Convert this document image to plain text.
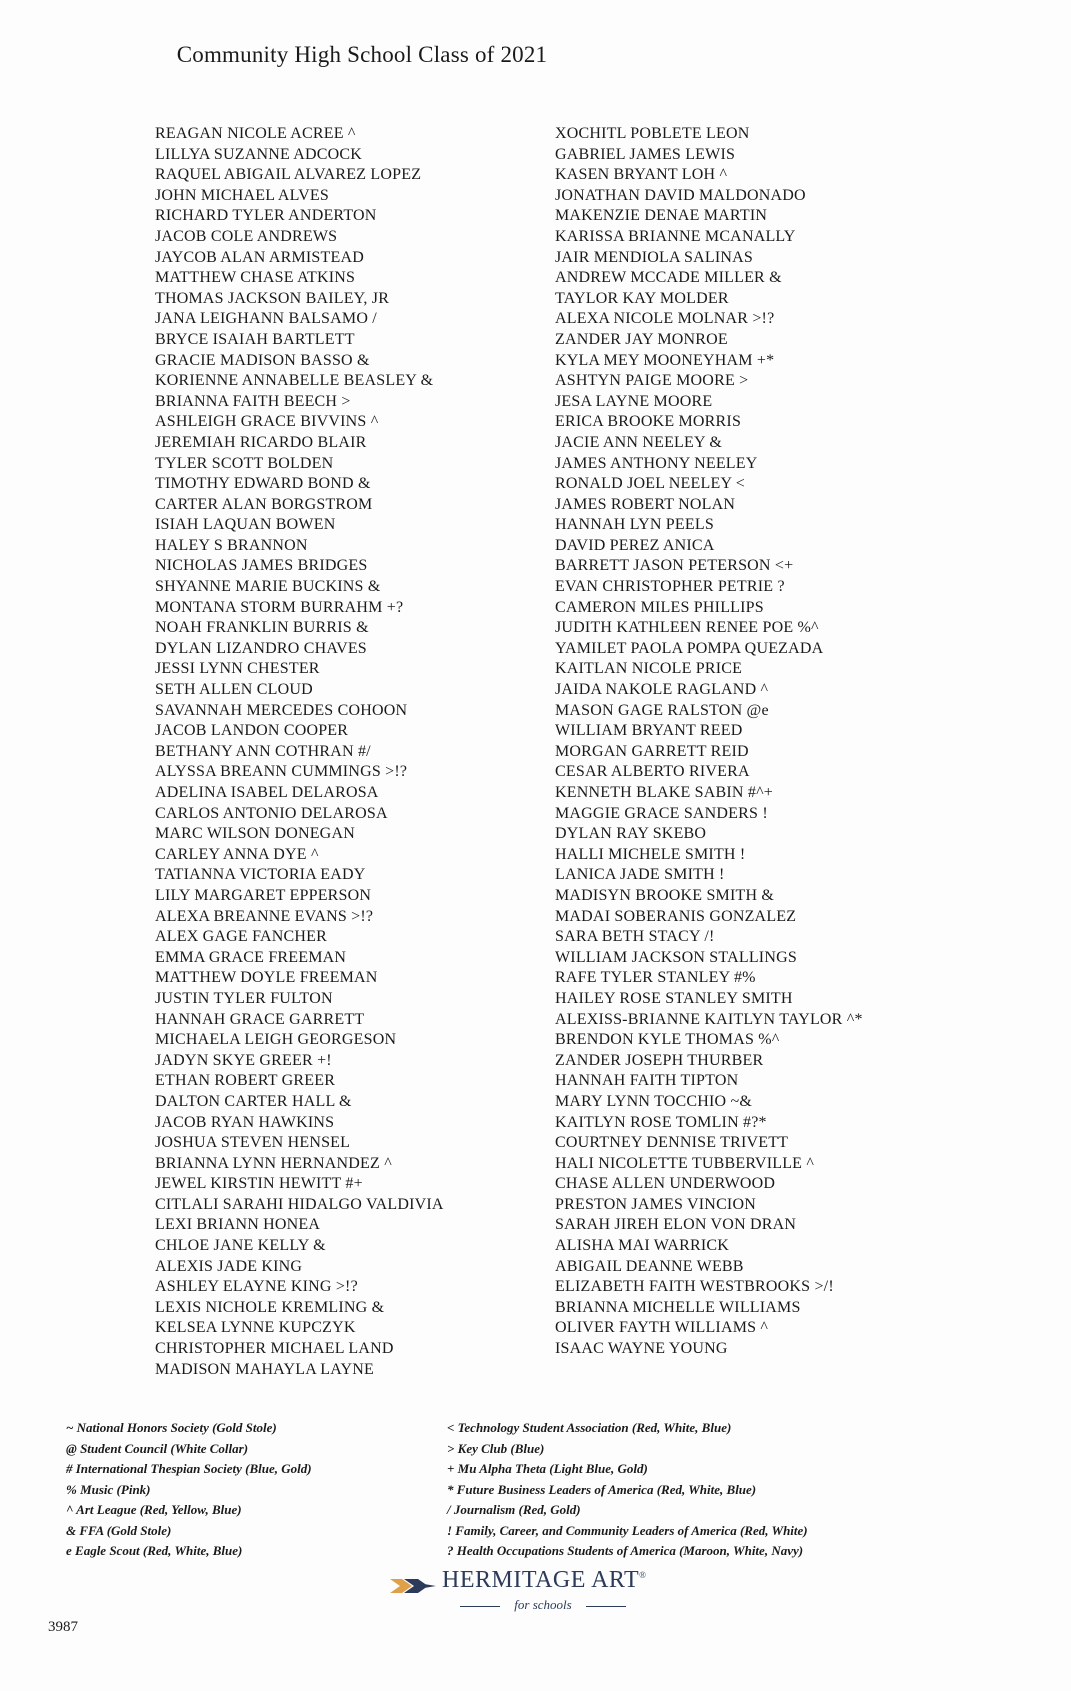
Community High School Class of 2021
REAGAN NICOLE ACREE ^
LILLYA SUZANNE ADCOCK
RAQUEL ABIGAIL ALVAREZ LOPEZ
JOHN MICHAEL ALVES
RICHARD TYLER ANDERTON
JACOB COLE ANDREWS
JAYCOB ALAN ARMISTEAD
MATTHEW CHASE ATKINS
THOMAS JACKSON BAILEY, JR
JANA LEIGHANN BALSAMO /
BRYCE ISAIAH BARTLETT
GRACIE MADISON BASSO &
KORIENNE ANNABELLE BEASLEY &
BRIANNA FAITH BEECH >
ASHLEIGH GRACE BIVVINS ^
JEREMIAH RICARDO BLAIR
TYLER SCOTT BOLDEN
TIMOTHY EDWARD BOND &
CARTER ALAN BORGSTROM
ISIAH LAQUAN BOWEN
HALEY S BRANNON
NICHOLAS JAMES BRIDGES
SHYANNE MARIE BUCKINS &
MONTANA STORM BURRAHM +?
NOAH FRANKLIN BURRIS &
DYLAN LIZANDRO CHAVES
JESSI LYNN CHESTER
SETH ALLEN CLOUD
SAVANNAH MERCEDES COHOON
JACOB LANDON COOPER
BETHANY ANN COTHRAN #/
ALYSSA BREANN CUMMINGS >!?
ADELINA ISABEL DELAROSA
CARLOS ANTONIO DELAROSA
MARC WILSON DONEGAN
CARLEY ANNA DYE ^
TATIANNA VICTORIA EADY
LILY MARGARET EPPERSON
ALEXA BREANNE EVANS >!?
ALEX GAGE FANCHER
EMMA GRACE FREEMAN
MATTHEW DOYLE FREEMAN
JUSTIN TYLER FULTON
HANNAH GRACE GARRETT
MICHAELA LEIGH GEORGESON
JADYN SKYE GREER +!
ETHAN ROBERT GREER
DALTON CARTER HALL &
JACOB RYAN HAWKINS
JOSHUA STEVEN HENSEL
BRIANNA LYNN HERNANDEZ ^
JEWEL KIRSTIN HEWITT #+
CITLALI SARAHI HIDALGO VALDIVIA
LEXI BRIANN HONEA
CHLOE JANE KELLY &
ALEXIS JADE KING
ASHLEY ELAYNE KING >!?
LEXIS NICHOLE KREMLING &
KELSEA LYNNE KUPCZYK
CHRISTOPHER MICHAEL LAND
MADISON MAHAYLA LAYNE
XOCHITL POBLETE LEON
GABRIEL JAMES LEWIS
KASEN BRYANT LOH ^
JONATHAN DAVID MALDONADO
MAKENZIE DENAE MARTIN
KARISSA BRIANNE MCANALLY
JAIR MENDIOLA SALINAS
ANDREW MCCADE MILLER &
TAYLOR KAY MOLDER
ALEXA NICOLE MOLNAR >!?
ZANDER JAY MONROE
KYLA MEY MOONEYHAM +*
ASHTYN PAIGE MOORE >
JESA LAYNE MOORE
ERICA BROOKE MORRIS
JACIE ANN NEELEY &
JAMES ANTHONY NEELEY
RONALD JOEL NEELEY <
JAMES ROBERT NOLAN
HANNAH LYN PEELS
DAVID PEREZ ANICA
BARRETT JASON PETERSON <+
EVAN CHRISTOPHER PETRIE ?
CAMERON MILES PHILLIPS
JUDITH KATHLEEN RENEE POE %^
YAMILET PAOLA POMPA QUEZADA
KAITLAN NICOLE PRICE
JAIDA NAKOLE RAGLAND ^
MASON GAGE RALSTON @e
WILLIAM BRYANT REED
MORGAN GARRETT REID
CESAR ALBERTO RIVERA
KENNETH BLAKE SABIN #^+
MAGGIE GRACE SANDERS !
DYLAN RAY SKEBO
HALLI MICHELE SMITH !
LANICA JADE SMITH !
MADISYN BROOKE SMITH &
MADAI SOBERANIS GONZALEZ
SARA BETH STACY /!
WILLIAM JACKSON STALLINGS
RAFE TYLER STANLEY #%
HAILEY ROSE STANLEY SMITH
ALEXISS-BRIANNE KAITLYN TAYLOR ^*
BRENDON KYLE THOMAS %^
ZANDER JOSEPH THURBER
HANNAH FAITH TIPTON
MARY LYNN TOCCHIO ~&
KAITLYN ROSE TOMLIN #?*
COURTNEY DENNISE TRIVETT
HALI NICOLETTE TUBBERVILLE ^
CHASE ALLEN UNDERWOOD
PRESTON JAMES VINCION
SARAH JIREH ELON VON DRAN
ALISHA MAI WARRICK
ABIGAIL DEANNE WEBB
ELIZABETH FAITH WESTBROOKS >/!
BRIANNA MICHELLE WILLIAMS
OLIVER FAYTH WILLIAMS ^
ISAAC WAYNE YOUNG
~ National Honors Society (Gold Stole)
@ Student Council (White Collar)
# International Thespian Society (Blue, Gold)
% Music (Pink)
^ Art League (Red, Yellow, Blue)
& FFA (Gold Stole)
e Eagle Scout (Red, White, Blue)
< Technology Student Association (Red, White, Blue)
> Key Club (Blue)
+ Mu Alpha Theta (Light Blue, Gold)
* Future Business Leaders of America (Red, White, Blue)
/ Journalism (Red, Gold)
! Family, Career, and Community Leaders of America (Red, White)
? Health Occupations Students of America (Maroon, White, Navy)
HERMITAGE ART®
for schools
3987
